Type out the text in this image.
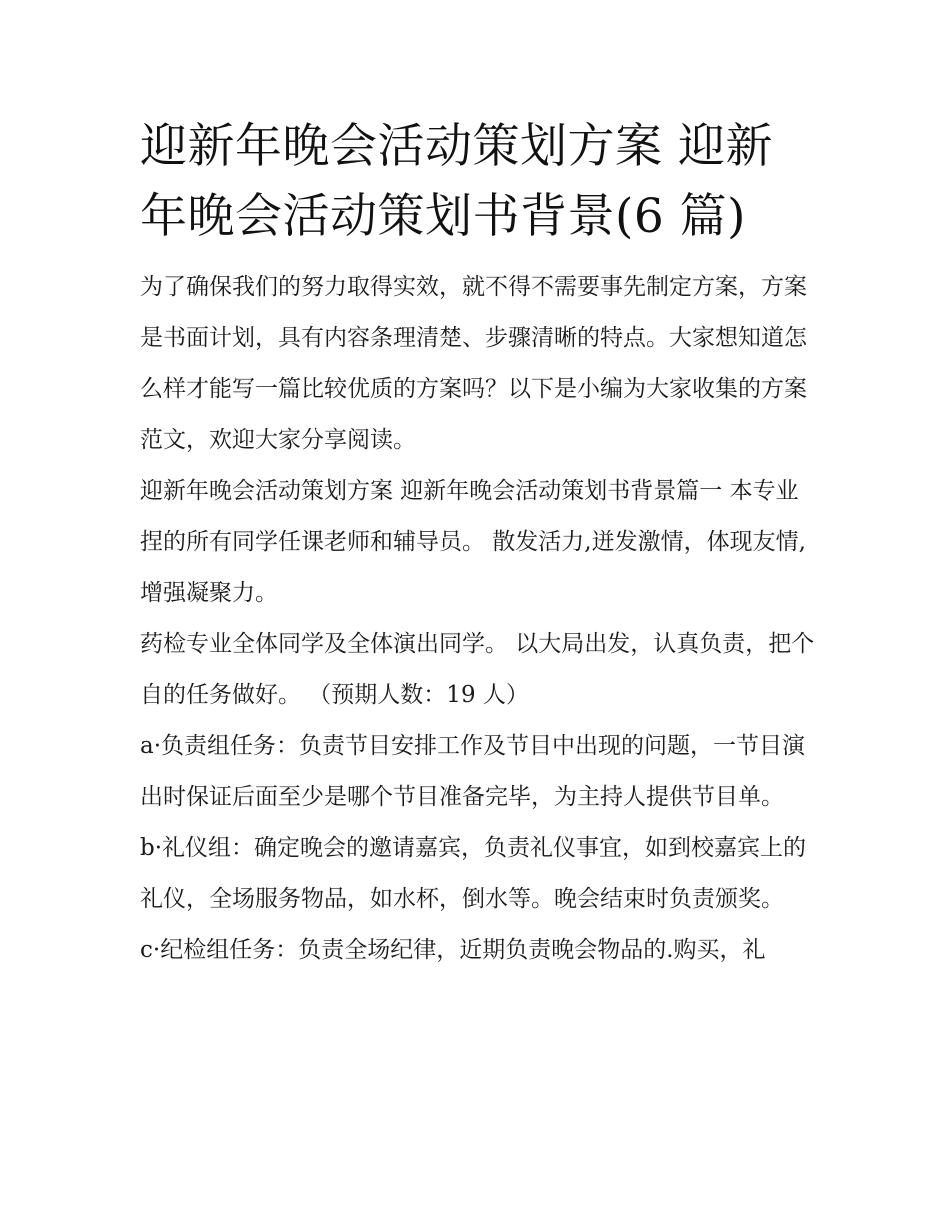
迎新年晚会活动策划方案 迎新年晚会活动策划书背景(6 篇)

为了确保我们的努力取得实效，就不得不需要事先制定方案，方案是书面计划，具有内容条理清楚、步骤清晰的特点。大家想知道怎么样才能写一篇比较优质的方案吗？以下是小编为大家收集的方案范文，欢迎大家分享阅读。

迎新年晚会活动策划方案 迎新年晚会活动策划书背景篇一 本专业捏的所有同学任课老师和辅导员。 散发活力,迸发激情，体现友情,增强凝聚力。

药检专业全体同学及全体演出同学。 以大局出发，认真负责，把个自的任务做好。 （预期人数：19 人）

a·负责组任务：负责节目安排工作及节目中出现的问题，一节目演出时保证后面至少是哪个节目准备完毕，为主持人提供节目单。

b·礼仪组：确定晚会的邀请嘉宾，负责礼仪事宜，如到校嘉宾上的礼仪，全场服务物品，如水杯，倒水等。晚会结束时负责颁奖。

c·纪检组任务：负责全场纪律，近期负责晚会物品的.购买，礼
